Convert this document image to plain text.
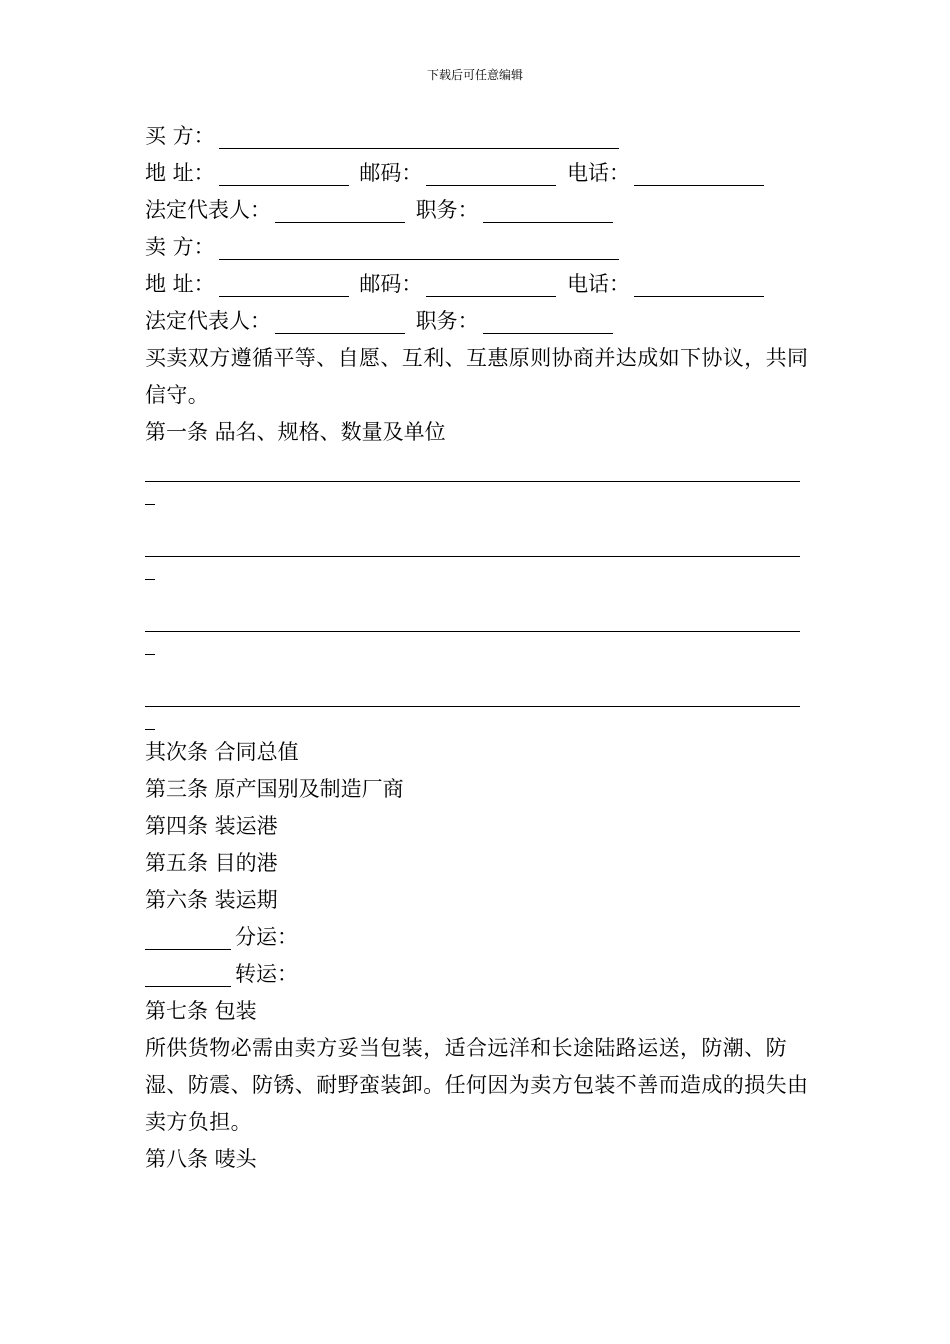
下载后可任意编辑
买 方：
地 址：	邮码：	电话：
法定代表人：	职务：
卖 方：
地 址：	邮码：	电话：
法定代表人：	职务：
买卖双方遵循平等、自愿、互利、互惠原则协商并达成如下协议，共同信守。
第一条 品名、规格、数量及单位
其次条 合同总值
第三条 原产国别及制造厂商
第四条 装运港
第五条 目的港
第六条 装运期
分运：
转运：
第七条 包装
所供货物必需由卖方妥当包装，适合远洋和长途陆路运送，防潮、防湿、防震、防锈、耐野蛮装卸。任何因为卖方包装不善而造成的损失由卖方负担。
第八条 唛头
